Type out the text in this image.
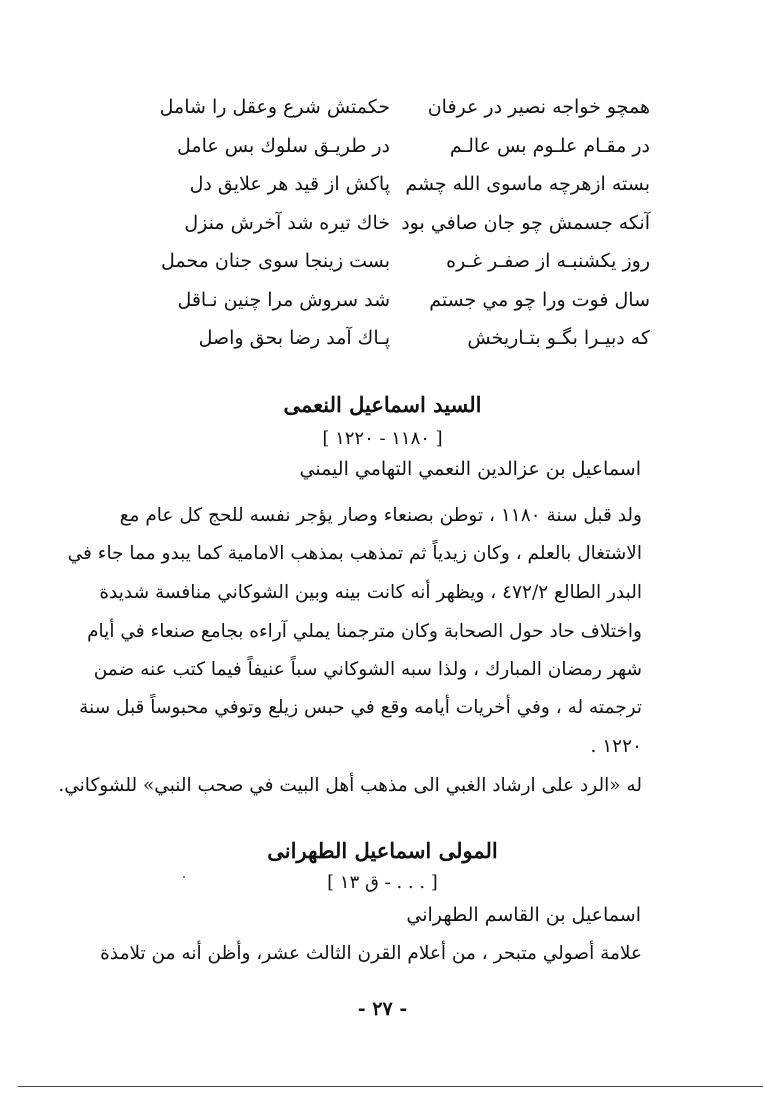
همچو خواجه نصير در عرفان
حكمتش شرع وعقل را شامل
در مقـام علـوم بس عالـم
در طريـق سلوك بس عامل
بسته ازهرچه ماسوى الله چشم
پاكش از قيد هر علايق دل
آنكه جسمش چو جان صافي بود
خاك تيره شد آخرش منزل
روز يكشنبـه از صفـر غـره
بست زينجا سوى جنان محمل
سال فوت ورا چو مي جستم
شد سروش مرا چنين نـاقل
كه دبيـرا بگـو بتـاريخش
پـاك آمد رضا بحق واصل
السيد اسماعيل النعمى
[ ١١٨٠ - ١٢٢٠ ]
اسماعيل بن عزالدين النعمي التهامي اليمني
ولد قبل سنة ١١٨٠ ، توطن بصنعاء وصار يؤجر نفسه للحج كل عام مع
الاشتغال بالعلم ، وكان زيدياً ثم تمذهب بمذهب الامامية كما يبدو مما جاء في
البدر الطالع ٤٧٢/٢ ، ويظهر أنه كانت بينه وبين الشوكاني منافسة شديدة
واختلاف حاد حول الصحابة وكان مترجمنا يملي آراءه بجامع صنعاء في أيام
شهر رمضان المبارك ، ولذا سبه الشوكاني سباً عنيفاً فيما كتب عنه ضمن
ترجمته له ، وفي أخريات أيامه وقع في حبس زيلع وتوفي محبوساً قبل سنة
١٢٢٠ .
له «الرد على ارشاد الغبي الى مذهب أهل البيت في صحب النبي» للشوكاني.
المولى اسماعيل الطهرانى
[ . . . - ق ١٣ ]
اسماعيل بن القاسم الطهراني
علامة أصولي متبحر ، من أعلام القرن الثالث عشر، وأظن أنه من تلامذة
- ٢٧ -
